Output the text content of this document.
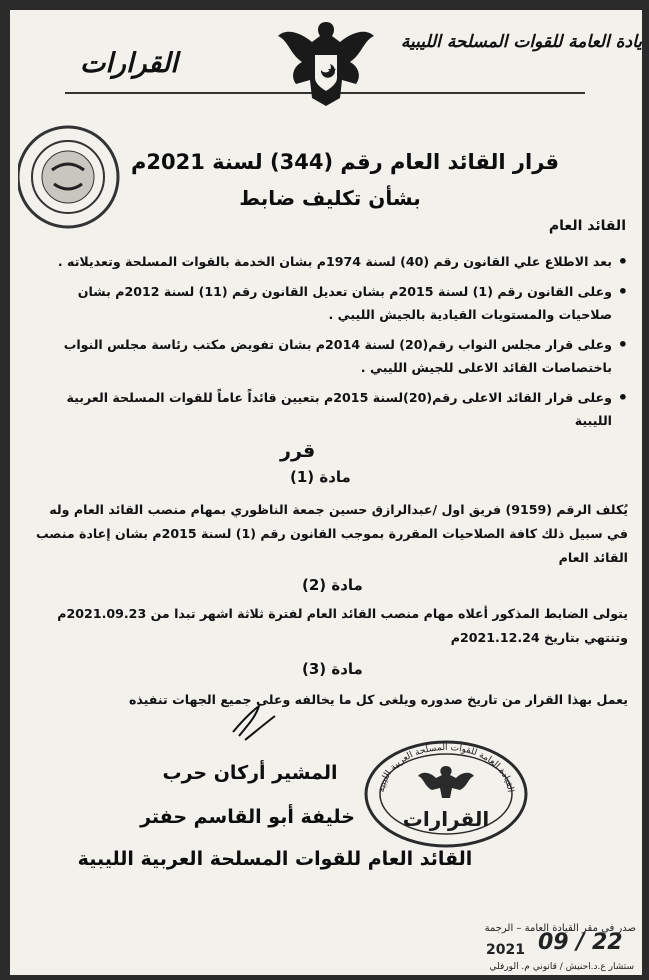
يادة العامة للقوات المسلحة الليبية
القرارات
قرار القائد العام رقم (344) لسنة 2021م
بشأن تكليف ضابط
القائد العام
• بعد الاطلاع علي القانون رقم (40) لسنة 1974م بشان الخدمة بالقوات المسلحة وتعديلاته .
• وعلى القانون رقم (1) لسنة 2015م بشان تعديل القانون رقم (11) لسنة 2012م بشان صلاحيات والمستويات القيادية بالجيش الليبي .
• وعلى قرار مجلس النواب رقم(20) لسنة 2014م بشان تفويض مكتب رئاسة مجلس النواب باختصاصات القائد الاعلى للجيش الليبي .
• وعلى قرار القائد الاعلى رقم(20)لسنة 2015م بتعيين قائداً عاماً للقوات المسلحة العربية الليبية
قرر
مادة (1)
يُكلف الرقم (9159) فريق اول /عبدالرازق حسين جمعة الناظوري بمهام منصب القائد العام وله في سبيل ذلك كافة الصلاحيات المقررة بموجب القانون رقم (1) لسنة 2015م بشان إعادة منصب القائد العام
مادة (2)
يتولى الضابط المذكور أعلاه مهام منصب القائد العام لفترة ثلاثة اشهر تبدا من 2021.09.23م وتنتهي بتاريخ 2021.12.24م
مادة (3)
يعمل بهذا القرار من تاريخ صدوره ويلغى كل ما يخالفه وعلى جميع الجهات تنفيذه
المشير أركان حرب
خليفة أبو القاسم حفتر
القائد العام للقوات المسلحة العربية الليبية
القيادة العامة للقوات المسلحة العربية الليبية
القرارات
صدر في مقر القيادة العامة – الرجمة
2021 09 / 22
ستشار ع.د.احنيش / قانوني م. الورفلي
